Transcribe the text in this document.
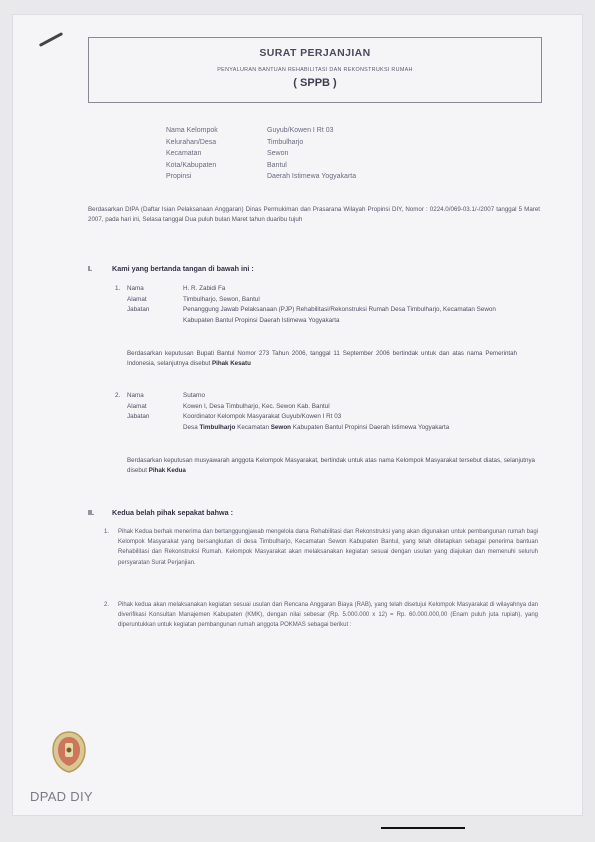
SURAT PERJANJIAN
PENYALURAN BANTUAN REHABILITASI DAN REKONSTRUKSI RUMAH
( SPPB )
Nama Kelompok	Guyub/Kowen I Rt 03
Kelurahan/Desa	Timbulharjo
Kecamatan	Sewon
Kota/Kabupaten	Bantul
Propinsi	Daerah Istimewa Yogyakarta
Berdasarkan DIPA (Daftar Isian Pelaksanaan Anggaran) Dinas Permukiman dan Prasarana Wilayah Propinsi DIY, Nomor : 0224.0/069-03.1/-/2007 tanggal 5 Maret 2007, pada hari ini, Selasa tanggal Dua puluh bulan Maret tahun duaribu tujuh
I.	Kami yang bertanda tangan di bawah ini :
1.	Nama	H. R. Zabidi Fa
Alamat	Timbulharjo, Sewon, Bantul
Jabatan	Penanggung Jawab Pelaksanaan (PJP) Rehabilitasi/Rekonstruksi Rumah Desa Timbulharjo, Kecamatan Sewon Kabupaten Bantul Propinsi Daerah Istimewa Yogyakarta
Berdasarkan keputusan Bupati Bantul Nomor 273 Tahun 2006, tanggal 11 September 2006 bertindak untuk dan atas nama Pemerintah Indonesia, selanjutnya disebut Pihak Kesatu
2.	Nama	Sutarno
Alamat	Kowen I, Desa Timbulharjo, Kec. Sewon Kab. Bantul
Jabatan	Koordinator Kelompok Masyarakat Guyub/Kowen I Rt 03
Desa Timbulharjo Kecamatan Sewon Kabupaten Bantul Propinsi Daerah Istimewa Yogyakarta
Berdasarkan keputusan musyawarah anggota Kelompok Masyarakat, bertindak untuk atas nama Kelompok Masyarakat tersebut diatas, selanjutnya disebut Pihak Kedua
II.	Kedua belah pihak sepakat bahwa :
1.	Pihak Kedua berhak menerima dan bertanggungjawab mengelola dana Rehabilitasi dan Rekonstruksi yang akan digunakan untuk pembangunan rumah bagi Kelompok Masyarakat yang bersangkutan di desa Timbulharjo, Kecamatan Sewon Kabupaten Bantul, yang telah ditetapkan sebagai penerima bantuan Rehabilitasi dan Rekonstruksi Rumah. Kelompok Masyarakat akan melaksanakan kegiatan sesuai dengan usulan yang diajukan dan memenuhi seluruh persyaratan Surat Perjanjian.
2.	Pihak kedua akan melaksanakan kegiatan sesuai usulan dan Rencana Anggaran Biaya (RAB), yang telah disetujui Kelompok Masyarakat di wilayahnya dan diverifikasi Konsultan Manajemen Kabupaten (KMK), dengan nilai sebesar (Rp. 5.000.000 x 12) = Rp. 60.000.000,00 (Enam puluh juta rupiah), yang diperuntukkan untuk kegiatan pembangunan rumah anggota POKMAS sebagai berikut :
DPAD DIY
